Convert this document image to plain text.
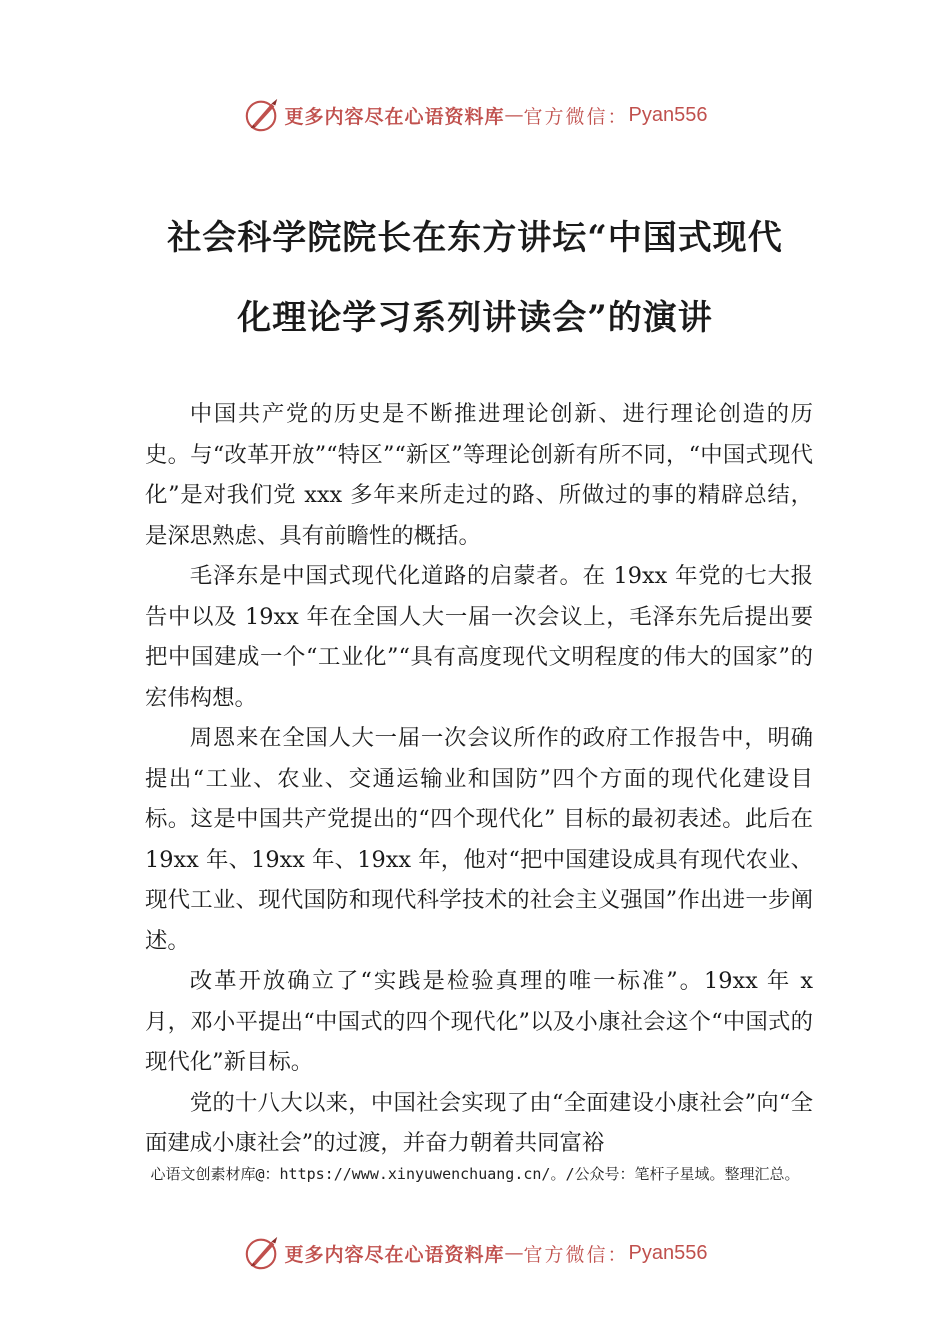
更多内容尽在心语资料库 — 官方微信： Pyan556
社会科学院院长在东方讲坛“中国式现代
化理论学习系列讲读会”的演讲

中国共产党的历史是不断推进理论创新、进行理论创造的历史。与“改革开放”“特区”“新区”等理论创新有所不同，“中国式现代化”是对我们党 xxx 多年来所走过的路、所做过的事的精辟总结，是深思熟虑、具有前瞻性的概括。

毛泽东是中国式现代化道路的启蒙者。在 19xx 年党的七大报告中以及 19xx 年在全国人大一届一次会议上，毛泽东先后提出要把中国建成一个“工业化”“具有高度现代文明程度的伟大的国家”的宏伟构想。

周恩来在全国人大一届一次会议所作的政府工作报告中，明确提出“工业、农业、交通运输业和国防”四个方面的现代化建设目标。这是中国共产党提出的“四个现代化” 目标的最初表述。此后在 19xx 年、19xx 年、19xx 年，他对“把中国建设成具有现代农业、现代工业、现代国防和现代科学技术的社会主义强国”作出进一步阐述。

改革开放确立了“实践是检验真理的唯一标准”。19xx 年 x 月，邓小平提出“中国式的四个现代化”以及小康社会这个“中国式的现代化”新目标。

党的十八大以来，中国社会实现了由“全面建设小康社会”向“全面建成小康社会”的过渡，并奋力朝着共同富裕

心语文创素材库@：https://www.xinyuwenchuang.cn/。/公众号：笔杆子星域。整理汇总。
更多内容尽在心语资料库 — 官方微信： Pyan556
